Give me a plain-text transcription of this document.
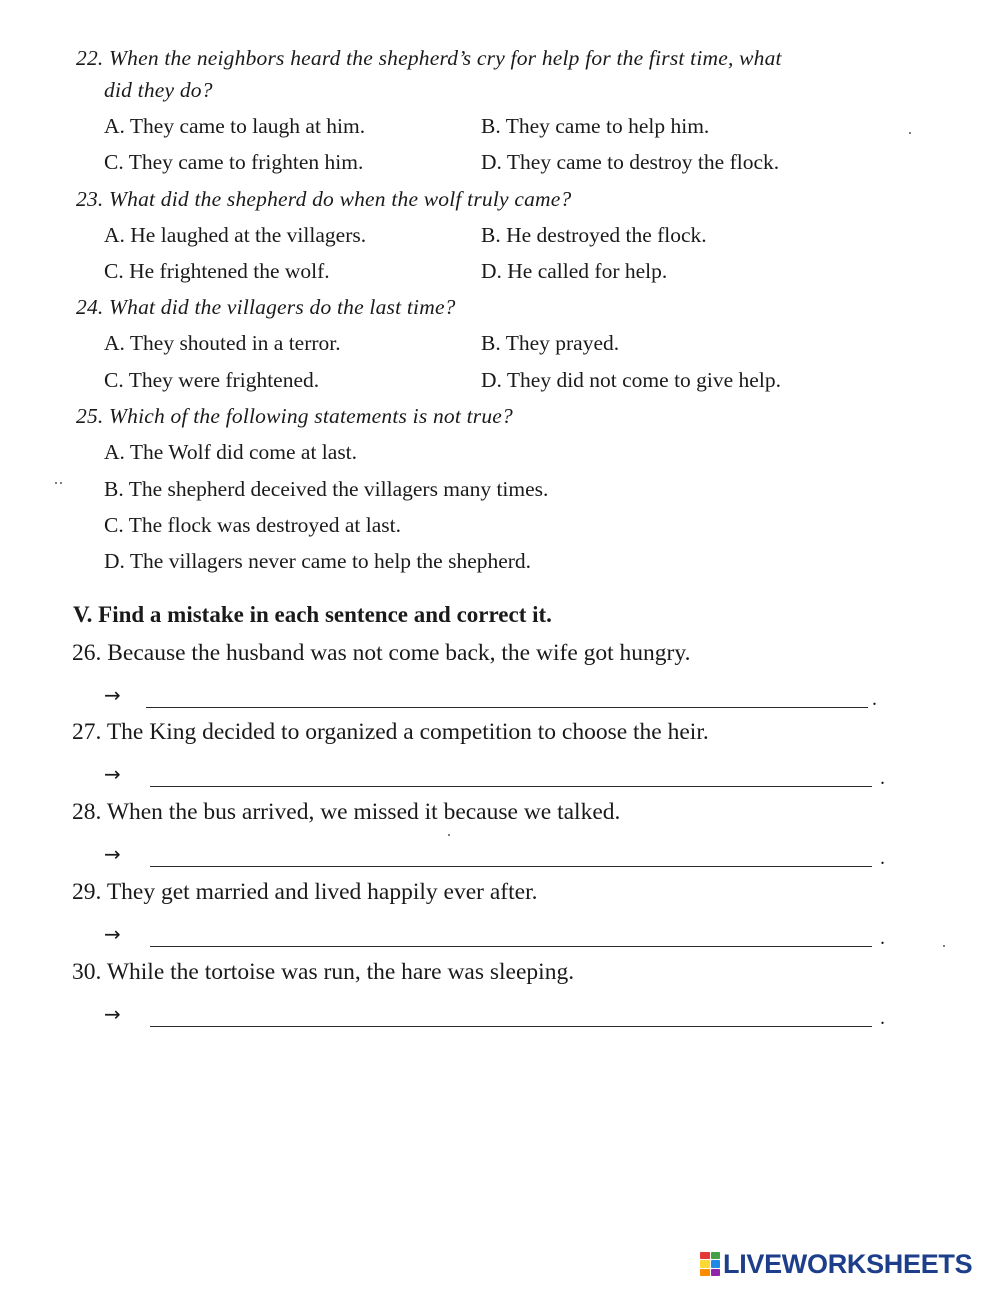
22. When the neighbors heard the shepherd’s cry for help for the first time, what
did they do?
A. They came to laugh at him.	B. They came to help him.
C. They came to frighten him.	D. They came to destroy the flock.
23. What did the shepherd do when the wolf truly came?
A. He laughed at the villagers.	B. He destroyed the flock.
C. He frightened the wolf.	D. He called for help.
24. What did the villagers do the last time?
A. They shouted in a terror.	B. They prayed.
C. They were frightened.	D. They did not come to give help.
25. Which of the following statements is not true?
A. The Wolf did come at last.
B. The shepherd deceived the villagers many times.
C. The flock was destroyed at last.
D. The villagers never came to help the shepherd.
V. Find a mistake in each sentence and correct it.
26. Because the husband was not come back, the wife got hungry.
→	.
27. The King decided to organized a competition to choose the heir.
→	.
28. When the bus arrived, we missed it because we talked.
→	.
29. They get married and lived happily ever after.
→	.
30. While the tortoise was run, the hare was sleeping.
→	.
LIVEWORKSHEETS
